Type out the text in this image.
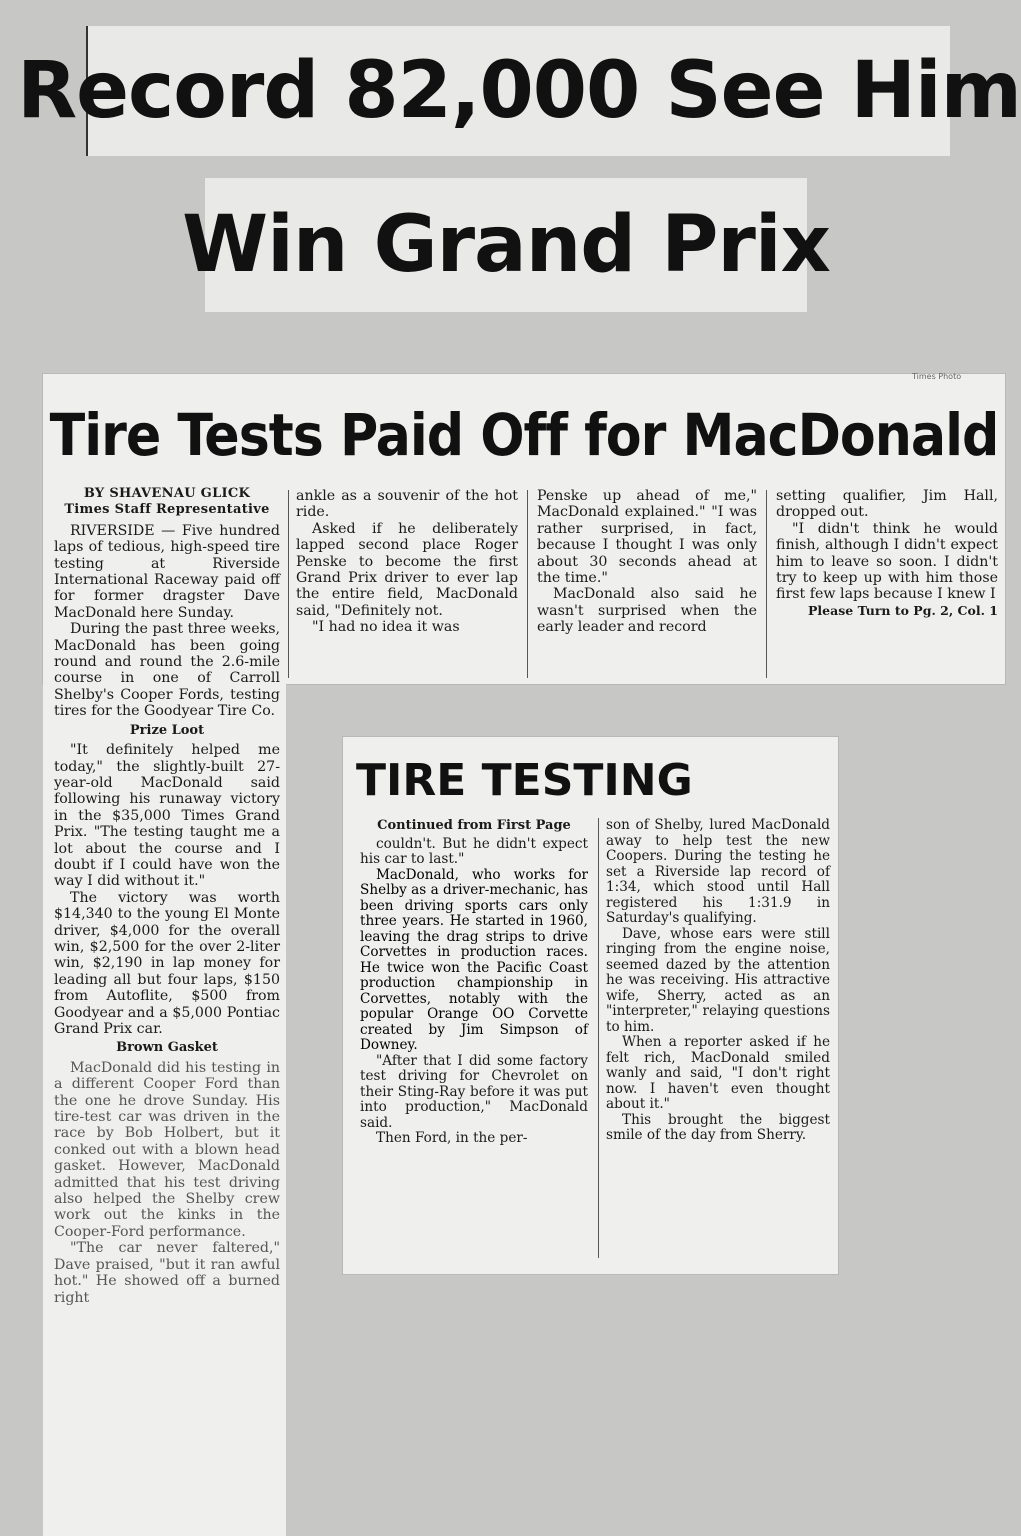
Record 82,000 See Him
Win Grand Prix
Times Photo
Tire Tests Paid Off for MacDonald

BY SHAVENAU GLICK

Times Staff Representative

RIVERSIDE — Five hundred laps of tedious, high-speed tire testing at Riverside International Raceway paid off for former dragster Dave MacDonald here Sunday.

During the past three weeks, MacDonald has been going round and round the 2.6-mile course in one of Carroll Shelby's Cooper Fords, testing tires for the Goodyear Tire Co.

Prize Loot

"It definitely helped me today," the slightly-built 27-year-old MacDonald said following his runaway victory in the $35,000 Times Grand Prix. "The testing taught me a lot about the course and I doubt if I could have won the way I did without it."

The victory was worth $14,340 to the young El Monte driver, $4,000 for the overall win, $2,500 for the over 2-liter win, $2,190 in lap money for leading all but four laps, $150 from Autoflite, $500 from Goodyear and a $5,000 Pontiac Grand Prix car.

Brown Gasket

MacDonald did his testing in a different Cooper Ford than the one he drove Sunday. His tire-test car was driven in the race by Bob Holbert, but it conked out with a blown head gasket. However, MacDonald admitted that his test driving also helped the Shelby crew work out the kinks in the Cooper-Ford performance.

"The car never faltered," Dave praised, "but it ran awful hot." He showed off a burned right

ankle as a souvenir of the hot ride.

Asked if he deliberately lapped second place Roger Penske to become the first Grand Prix driver to ever lap the entire field, MacDonald said, "Definitely not.

"I had no idea it was

Penske up ahead of me," MacDonald explained." "I was rather surprised, in fact, because I thought I was only about 30 seconds ahead at the time."

MacDonald also said he wasn't surprised when the early leader and record

setting qualifier, Jim Hall, dropped out.

"I didn't think he would finish, although I didn't expect him to leave so soon. I didn't try to keep up with him those first few laps because I knew I

Please Turn to Pg. 2, Col. 1

TIRE TESTING

Continued from First Page

couldn't. But he didn't expect his car to last."

MacDonald, who works for Shelby as a driver-mechanic, has been driving sports cars only three years. He started in 1960, leaving the drag strips to drive Corvettes in production races. He twice won the Pacific Coast production championship in Corvettes, notably with the popular Orange OO Corvette created by Jim Simpson of Downey.

"After that I did some factory test driving for Chevrolet on their Sting-Ray before it was put into production," MacDonald said.

Then Ford, in the per-

son of Shelby, lured MacDonald away to help test the new Coopers. During the testing he set a Riverside lap record of 1:34, which stood until Hall registered his 1:31.9 in Saturday's qualifying.

Dave, whose ears were still ringing from the engine noise, seemed dazed by the attention he was receiving. His attractive wife, Sherry, acted as an "interpreter," relaying questions to him.

When a reporter asked if he felt rich, MacDonald smiled wanly and said, "I don't right now. I haven't even thought about it."

This brought the biggest smile of the day from Sherry.
